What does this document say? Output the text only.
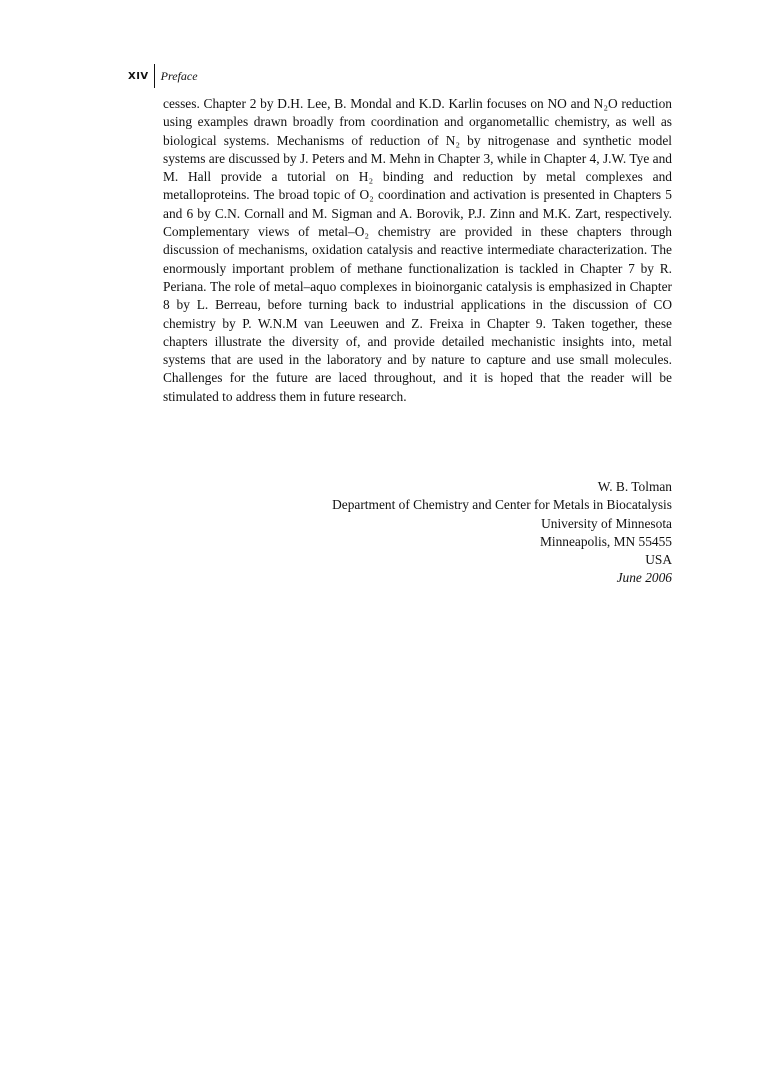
XIV	Preface

cesses. Chapter 2 by D.H. Lee, B. Mondal and K.D. Karlin focuses on NO and N₂O reduction using examples drawn broadly from coordination and organometallic chemistry, as well as biological systems. Mechanisms of reduction of N₂ by nitrogenase and synthetic model systems are discussed by J. Peters and M. Mehn in Chapter 3, while in Chapter 4, J.W. Tye and M. Hall provide a tutorial on H₂ binding and reduction by metal complexes and metalloproteins. The broad topic of O₂ coordination and activation is presented in Chapters 5 and 6 by C.N. Cornall and M. Sigman and A. Borovik, P.J. Zinn and M.K. Zart, respectively. Complementary views of metal–O₂ chemistry are provided in these chapters through discussion of mechanisms, oxidation catalysis and reactive intermediate characterization. The enormously important problem of methane functionalization is tackled in Chapter 7 by R. Periana. The role of metal–aquo complexes in bioinorganic catalysis is emphasized in Chapter 8 by L. Berreau, before turning back to industrial applications in the discussion of CO chemistry by P. W.N.M van Leeuwen and Z. Freixa in Chapter 9. Taken together, these chapters illustrate the diversity of, and provide detailed mechanistic insights into, metal systems that are used in the laboratory and by nature to capture and use small molecules. Challenges for the future are laced throughout, and it is hoped that the reader will be stimulated to address them in future research.

W. B. Tolman
Department of Chemistry and Center for Metals in Biocatalysis
University of Minnesota
Minneapolis, MN 55455
USA
June 2006
